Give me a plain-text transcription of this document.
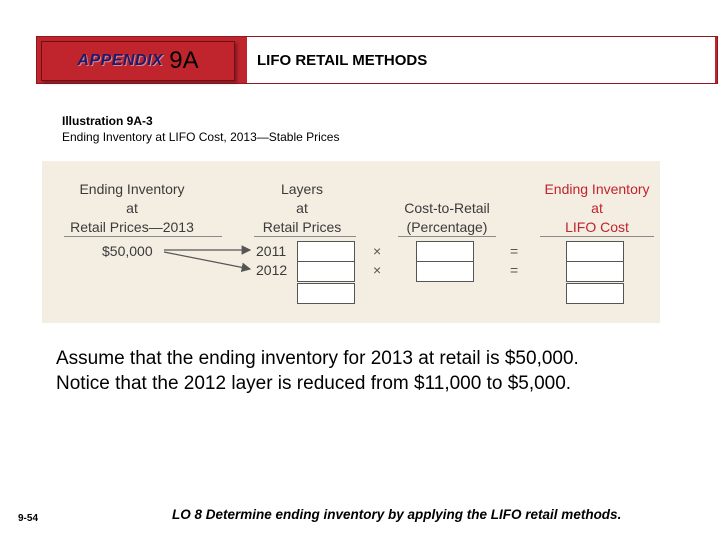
APPENDIX 9A	LIFO RETAIL METHODS
Illustration 9A-3
Ending Inventory at LIFO Cost, 2013—Stable Prices
Ending Inventory
at
Retail Prices—2013
$50,000
Layers
at
Retail Prices
2011
2012
×
×
Cost-to-Retail
(Percentage)
=
=
Ending Inventory
at
LIFO Cost
Assume that the ending inventory for 2013 at retail is $50,000.
Notice that the 2012 layer is reduced from $11,000 to $5,000.
9-54	LO 8 Determine ending inventory by applying the LIFO retail methods.
